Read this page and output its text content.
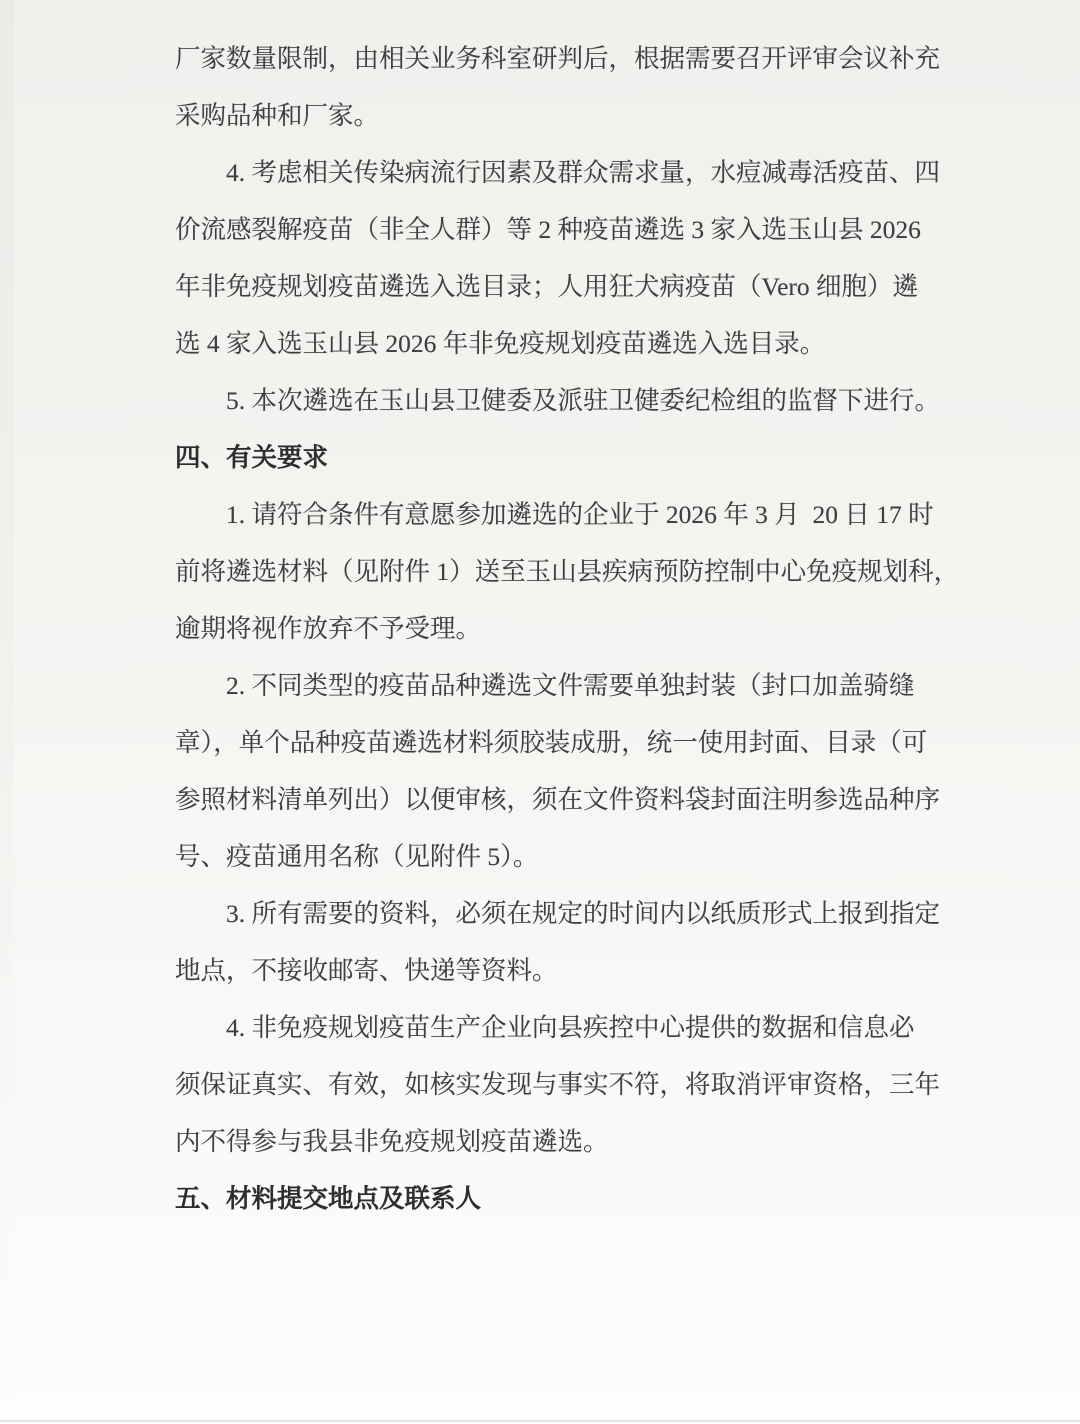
厂家数量限制，由相关业务科室研判后，根据需要召开评审会议补充
采购品种和厂家。
4. 考虑相关传染病流行因素及群众需求量，水痘减毒活疫苗、四
价流感裂解疫苗（非全人群）等 2 种疫苗遴选 3 家入选玉山县 2026
年非免疫规划疫苗遴选入选目录；人用狂犬病疫苗（Vero 细胞）遴
选 4 家入选玉山县 2026 年非免疫规划疫苗遴选入选目录。
5. 本次遴选在玉山县卫健委及派驻卫健委纪检组的监督下进行。
四、有关要求
1. 请符合条件有意愿参加遴选的企业于 2026 年 3 月  20 日 17 时
前将遴选材料（见附件 1）送至玉山县疾病预防控制中心免疫规划科，
逾期将视作放弃不予受理。
2. 不同类型的疫苗品种遴选文件需要单独封装（封口加盖骑缝
章），单个品种疫苗遴选材料须胶装成册，统一使用封面、目录（可
参照材料清单列出）以便审核，须在文件资料袋封面注明参选品种序
号、疫苗通用名称（见附件 5）。
3. 所有需要的资料，必须在规定的时间内以纸质形式上报到指定
地点，不接收邮寄、快递等资料。
4. 非免疫规划疫苗生产企业向县疾控中心提供的数据和信息必
须保证真实、有效，如核实发现与事实不符，将取消评审资格，三年
内不得参与我县非免疫规划疫苗遴选。
五、材料提交地点及联系人
